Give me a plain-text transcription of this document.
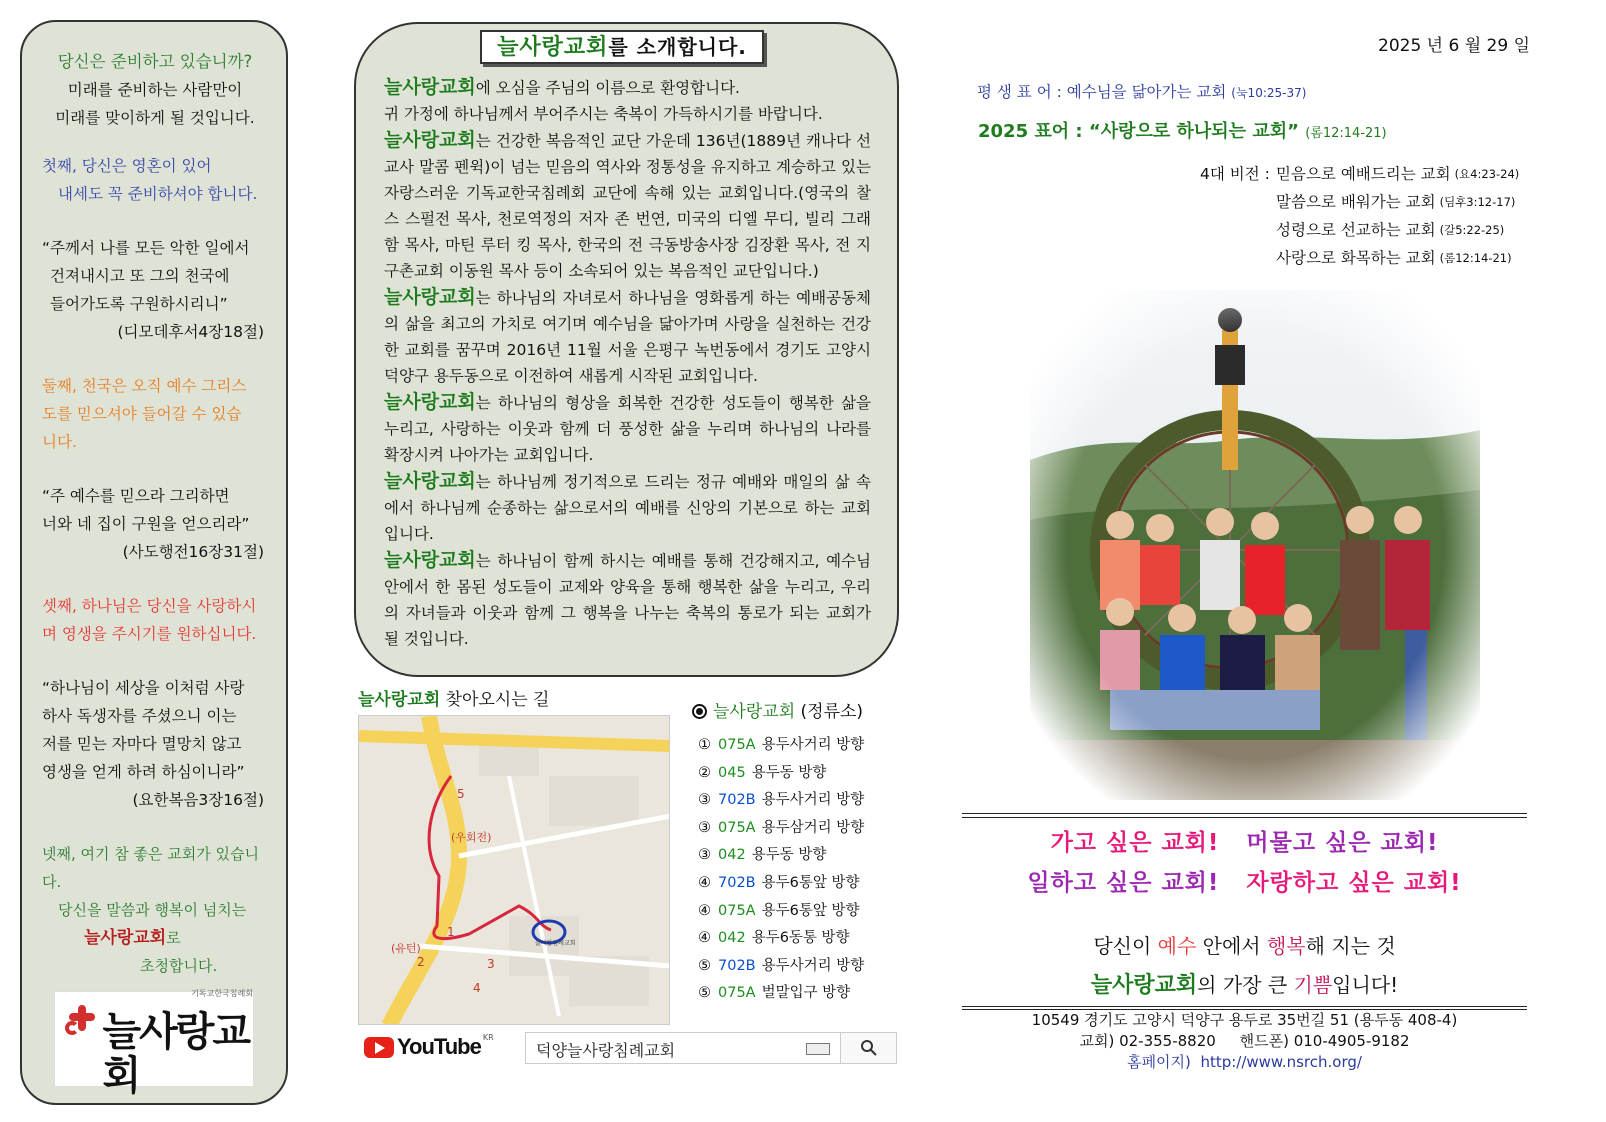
당신은 준비하고 있습니까?
미래를 준비하는 사람만이
미래를 맞이하게 될 것입니다.
첫째, 당신은 영혼이 있어
내세도 꼭 준비하셔야 합니다.
“주께서 나를 모든 악한 일에서
건져내시고 또 그의 천국에
들어가도록 구원하시리니”
(디모데후서4장18절)
둘째, 천국은 오직 예수 그리스
도를 믿으셔야 들어갈 수 있습
니다.
“주 예수를 믿으라 그리하면
너와 네 집이 구원을 얻으리라”
(사도행전16장31절)
셋째, 하나님은 당신을 사랑하시
며 영생을 주시기를 원하십니다.
“하나님이 세상을 이처럼 사랑
하사 독생자를 주셨으니 이는
저를 믿는 자마다 멸망치 않고
영생을 얻게 하려 하심이니라”
(요한복음3장16절)
넷째, 여기 참 좋은 교회가 있습니다.
당신을 말씀과 행복이 넘치는
늘사랑교회로
초청합니다.
기독교한국침례회
늘사랑교회
늘사랑교회를 소개합니다.

늘사랑교회에 오심을 주님의 이름으로 환영합니다.
귀 가정에 하나님께서 부어주시는 축복이 가득하시기를 바랍니다.

늘사랑교회는 건강한 복음적인 교단 가운데 136년(1889년 캐나다 선교사 말콤 펜윅)이 넘는 믿음의 역사와 정통성을 유지하고 계승하고 있는 자랑스러운 기독교한국침례회 교단에 속해 있는 교회입니다.(영국의 찰스 스펄전 목사, 천로역정의 저자 존 번연, 미국의 디엘 무디, 빌리 그래함 목사, 마틴 루터 킹 목사, 한국의 전 극동방송사장 김장환 목사, 전 지구촌교회 이동원 목사 등이 소속되어 있는 복음적인 교단입니다.)

늘사랑교회는 하나님의 자녀로서 하나님을 영화롭게 하는 예배공동체의 삶을 최고의 가치로 여기며 예수님을 닮아가며 사랑을 실천하는 건강한 교회를 꿈꾸며 2016년 11월 서울 은평구 녹번동에서 경기도 고양시 덕양구 용두동으로 이전하여 새롭게 시작된 교회입니다.

늘사랑교회는 하나님의 형상을 회복한 건강한 성도들이 행복한 삶을 누리고, 사랑하는 이웃과 함께 더 풍성한 삶을 누리며 하나님의 나라를 확장시켜 나아가는 교회입니다.

늘사랑교회는 하나님께 정기적으로 드리는 정규 예배와 매일의 삶 속에서 하나님께 순종하는 삶으로서의 예배를 신앙의 기본으로 하는 교회입니다.

늘사랑교회는 하나님이 함께 하시는 예배를 통해 건강해지고, 예수님 안에서 한 몸된 성도들이 교제와 양육을 통해 행복한 삶을 누리고, 우리의 자녀들과 이웃과 함께 그 행복을 나누는 축복의 통로가 되는 교회가 될 것입니다.

늘사랑교회 찾아오시는 길
5
1
2	3
4
(우회전)
(유턴)	늘사랑침례교회
늘사랑교회 (정류소)
① 075A 용두사거리 방향
② 045 용두동 방향
③ 702B 용두사거리 방향
③ 075A 용두삼거리 방향
③ 042 용두동 방향
④ 702B 용두6통앞 방향
④ 075A 용두6통앞 방향
④ 042 용두6동통 방향
⑤ 702B 용두사거리 방향
⑤ 075A 벌말입구 방향
YouTube KR
덕양늘사랑침례교회
2025 년 6 월 29 일
평 생 표 어 : 예수님을 닮아가는 교회 (눅10:25-37)
2025 표어 : “사랑으로 하나되는 교회” (롬12:14-21)
4대 비전 : 믿음으로 예배드리는 교회 (요4:23-24)
말씀으로 배워가는 교회 (딤후3:12-17)
성령으로 선교하는 교회 (갈5:22-25)
사랑으로 화목하는 교회 (롬12:14-21)
가고 싶은 교회! 머물고 싶은 교회!
일하고 싶은 교회! 자랑하고 싶은 교회!
당신이 예수 안에서 행복해 지는 것
늘사랑교회의 가장 큰 기쁨입니다!
10549 경기도 고양시 덕양구 용두로 35번길 51 (용두동 408-4)
교회) 02-355-8820     핸드폰) 010-4905-9182
홈페이지) http://www.nsrch.org/
